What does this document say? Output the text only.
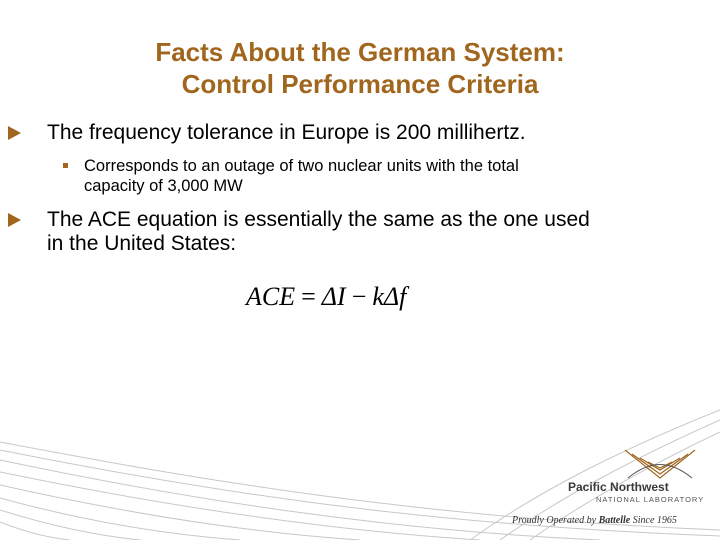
Facts About the German System:
Control Performance Criteria
The frequency tolerance in Europe is 200 millihertz.
Corresponds to an outage of two nuclear units with the total
capacity of 3,000 MW
The ACE equation is essentially the same as the one used
in the United States:
ACE = ΔI − kΔf
Pacific Northwest
NATIONAL LABORATORY
Proudly Operated by Battelle Since 1965
